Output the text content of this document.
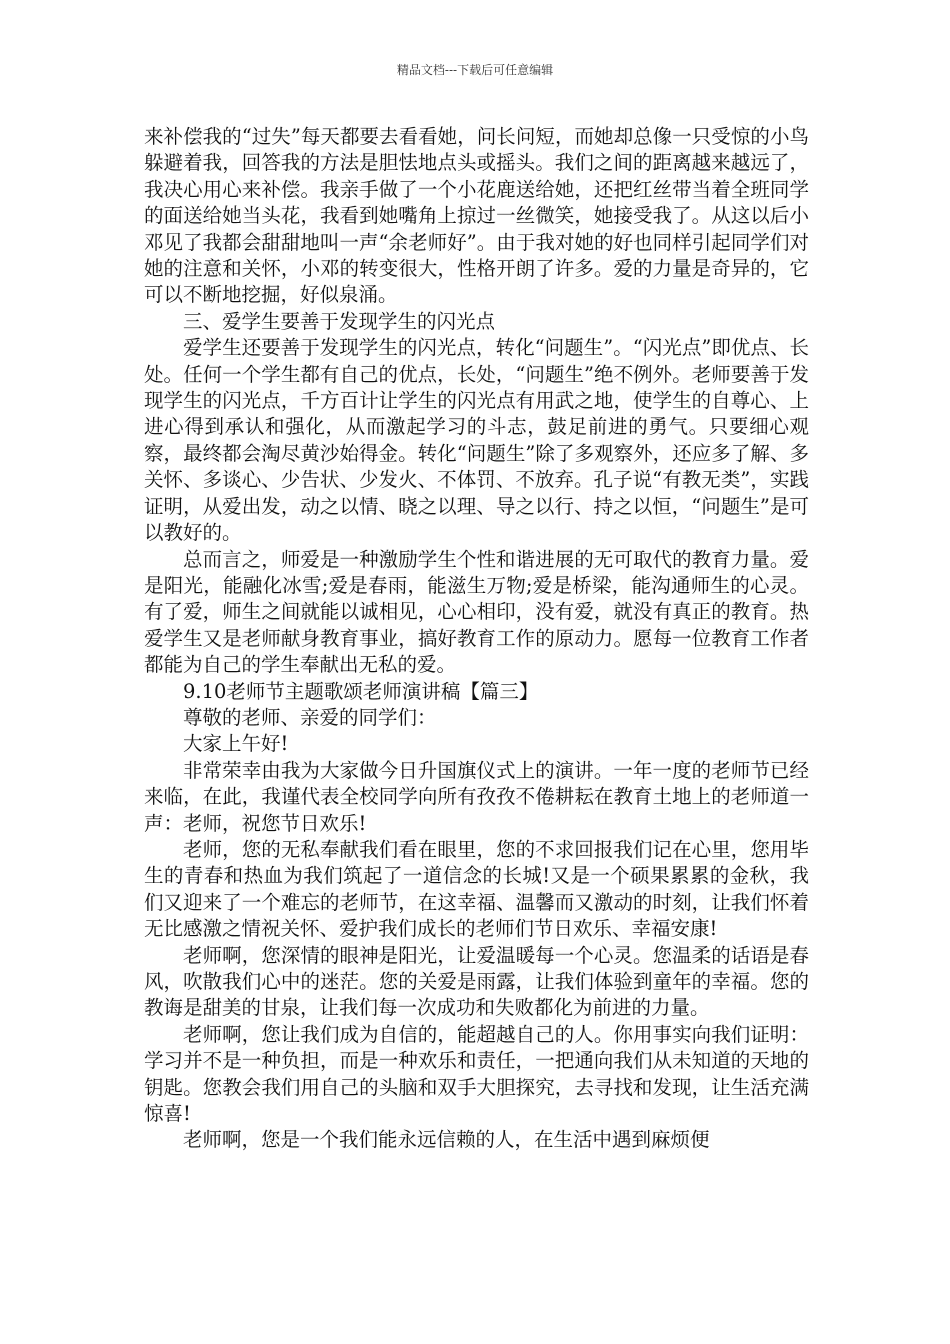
精品文档---下载后可任意编辑

来补偿我的“过失”每天都要去看看她，问长问短，而她却总像一只受惊的小鸟躲避着我，回答我的方法是胆怯地点头或摇头。我们之间的距离越来越远了，我决心用心来补偿。我亲手做了一个小花鹿送给她，还把红丝带当着全班同学的面送给她当头花，我看到她嘴角上掠过一丝微笑，她接受我了。从这以后小邓见了我都会甜甜地叫一声“余老师好”。由于我对她的好也同样引起同学们对她的注意和关怀，小邓的转变很大，性格开朗了许多。爱的力量是奇异的，它可以不断地挖掘，好似泉涌。

三、爱学生要善于发现学生的闪光点

爱学生还要善于发现学生的闪光点，转化“问题生”。“闪光点”即优点、长处。任何一个学生都有自己的优点，长处，“问题生”绝不例外。老师要善于发现学生的闪光点，千方百计让学生的闪光点有用武之地，使学生的自尊心、上进心得到承认和强化，从而激起学习的斗志，鼓足前进的勇气。只要细心观察，最终都会淘尽黄沙始得金。转化“问题生”除了多观察外，还应多了解、多关怀、多谈心、少告状、少发火、不体罚、不放弃。孔子说“有教无类”，实践证明，从爱出发，动之以情、晓之以理、导之以行、持之以恒，“问题生”是可以教好的。

总而言之，师爱是一种激励学生个性和谐进展的无可取代的教育力量。爱是阳光，能融化冰雪;爱是春雨，能滋生万物;爱是桥梁，能沟通师生的心灵。有了爱，师生之间就能以诚相见，心心相印，没有爱，就没有真正的教育。热爱学生又是老师献身教育事业，搞好教育工作的原动力。愿每一位教育工作者都能为自己的学生奉献出无私的爱。

9.10老师节主题歌颂老师演讲稿【篇三】

尊敬的老师、亲爱的同学们：

大家上午好!

非常荣幸由我为大家做今日升国旗仪式上的演讲。一年一度的老师节已经来临，在此，我谨代表全校同学向所有孜孜不倦耕耘在教育土地上的老师道一声：老师，祝您节日欢乐!

老师，您的无私奉献我们看在眼里，您的不求回报我们记在心里，您用毕生的青春和热血为我们筑起了一道信念的长城!又是一个硕果累累的金秋，我们又迎来了一个难忘的老师节，在这幸福、温馨而又激动的时刻，让我们怀着无比感激之情祝关怀、爱护我们成长的老师们节日欢乐、幸福安康!

老师啊，您深情的眼神是阳光，让爱温暖每一个心灵。您温柔的话语是春风，吹散我们心中的迷茫。您的关爱是雨露，让我们体验到童年的幸福。您的教诲是甜美的甘泉，让我们每一次成功和失败都化为前进的力量。

老师啊，您让我们成为自信的，能超越自己的人。你用事实向我们证明：学习并不是一种负担，而是一种欢乐和责任，一把通向我们从未知道的天地的钥匙。您教会我们用自己的头脑和双手大胆探究，去寻找和发现，让生活充满惊喜!

老师啊，您是一个我们能永远信赖的人，在生活中遇到麻烦便
